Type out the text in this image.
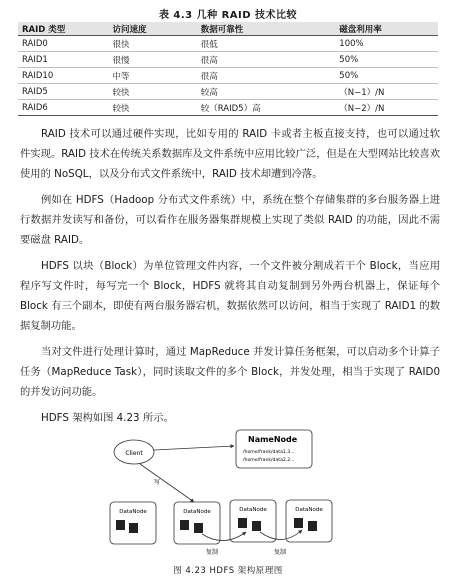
表 4.3 几种 RAID 技术比较
RAID 类型	访问速度	数据可靠性	磁盘利用率
RAID0	很快	很低	100%
RAID1	很慢	很高	50%
RAID10	中等	很高	50%
RAID5	较快	较高	（N−1）/N
RAID6	较快	较（RAID5）高	（N−2）/N

RAID 技术可以通过硬件实现，比如专用的 RAID 卡或者主板直接支持，也可以通过软件实现。RAID 技术在传统关系数据库及文件系统中应用比较广泛，但是在大型网站比较喜欢使用的 NoSQL，以及分布式文件系统中，RAID 技术却遭到冷落。

例如在 HDFS（Hadoop 分布式文件系统）中，系统在整个存储集群的多台服务器上进行数据并发读写和备份，可以看作在服务器集群规模上实现了类似 RAID 的功能，因此不需要磁盘 RAID。

HDFS 以块（Block）为单位管理文件内容，一个文件被分割成若干个 Block，当应用程序写文件时，每写完一个 Block，HDFS 就将其自动复制到另外两台机器上，保证每个 Block 有三个副本，即使有两台服务器宕机，数据依然可以访问，相当于实现了 RAID1 的数据复制功能。

当对文件进行处理计算时，通过 MapReduce 并发计算任务框架，可以启动多个计算子任务（MapReduce Task），同时读取文件的多个 Block，并发处理，相当于实现了 RAID0 的并发访问功能。

HDFS 架构如图 4.23 所示。

Client
NameNode
/home/frank/data1.3...
/home/frank/data2.2...
写
DataNode	DataNode	DataNode	DataNode
复制	复制
图 4.23 HDFS 架构原理图
